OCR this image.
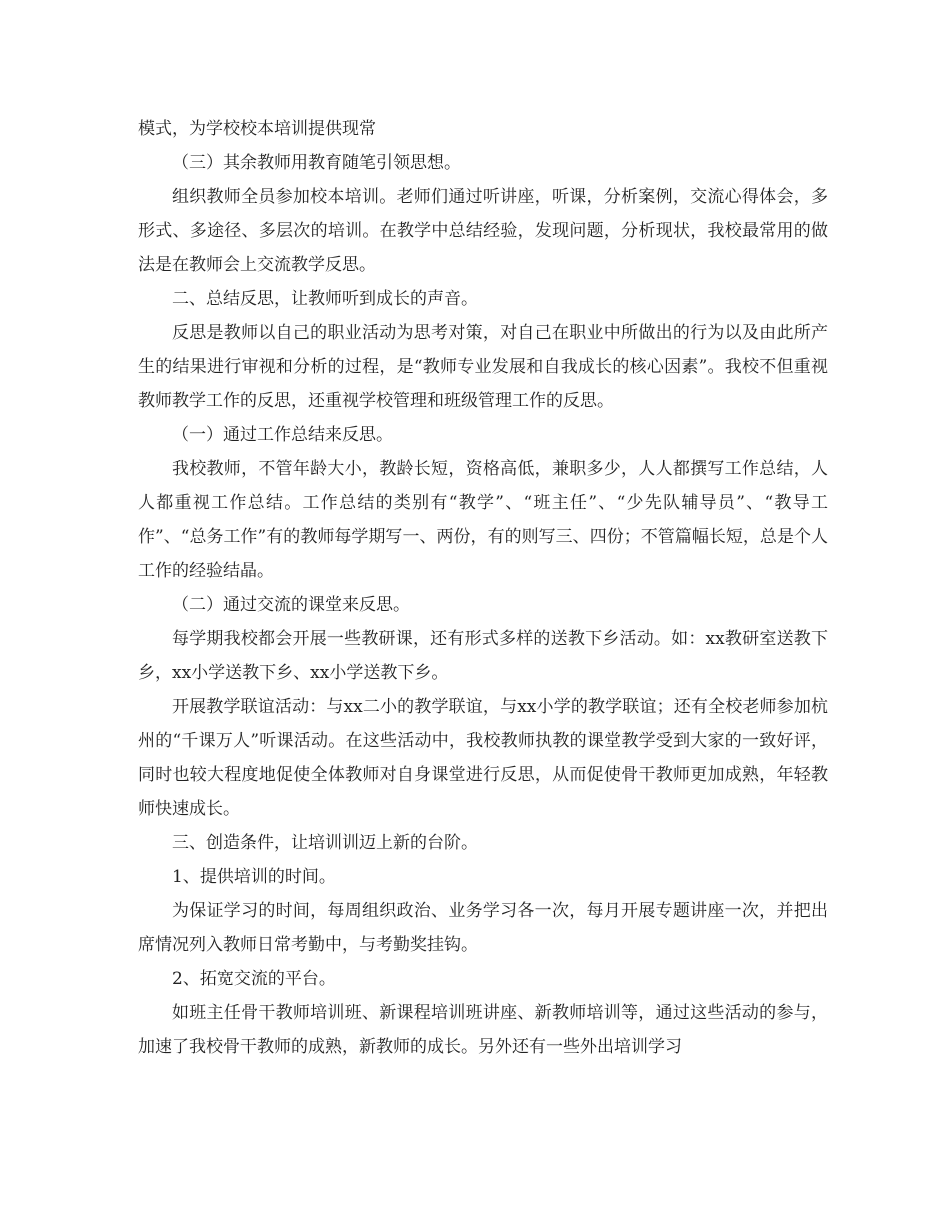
模式，为学校校本培训提供现常

（三）其余教师用教育随笔引领思想。

组织教师全员参加校本培训。老师们通过听讲座，听课，分析案例，交流心得体会，多形式、多途径、多层次的培训。在教学中总结经验，发现问题，分析现状，我校最常用的做法是在教师会上交流教学反思。

二、总结反思，让教师听到成长的声音。

反思是教师以自己的职业活动为思考对策，对自己在职业中所做出的行为以及由此所产生的结果进行审视和分析的过程，是“教师专业发展和自我成长的核心因素”。我校不但重视教师教学工作的反思，还重视学校管理和班级管理工作的反思。

（一）通过工作总结来反思。

我校教师，不管年龄大小，教龄长短，资格高低，兼职多少，人人都撰写工作总结，人人都重视工作总结。工作总结的类别有“教学”、“班主任”、“少先队辅导员”、“教导工作”、“总务工作”有的教师每学期写一、两份，有的则写三、四份；不管篇幅长短，总是个人工作的经验结晶。

（二）通过交流的课堂来反思。

每学期我校都会开展一些教研课，还有形式多样的送教下乡活动。如：xx教研室送教下乡，xx小学送教下乡、xx小学送教下乡。

开展教学联谊活动：与xx二小的教学联谊，与xx小学的教学联谊；还有全校老师参加杭州的“千课万人”听课活动。在这些活动中，我校教师执教的课堂教学受到大家的一致好评，同时也较大程度地促使全体教师对自身课堂进行反思，从而促使骨干教师更加成熟，年轻教师快速成长。

三、创造条件，让培训训迈上新的台阶。

1、提供培训的时间。

为保证学习的时间，每周组织政治、业务学习各一次，每月开展专题讲座一次，并把出席情况列入教师日常考勤中，与考勤奖挂钩。

2、拓宽交流的平台。

如班主任骨干教师培训班、新课程培训班讲座、新教师培训等，通过这些活动的参与，加速了我校骨干教师的成熟，新教师的成长。另外还有一些外出培训学习
